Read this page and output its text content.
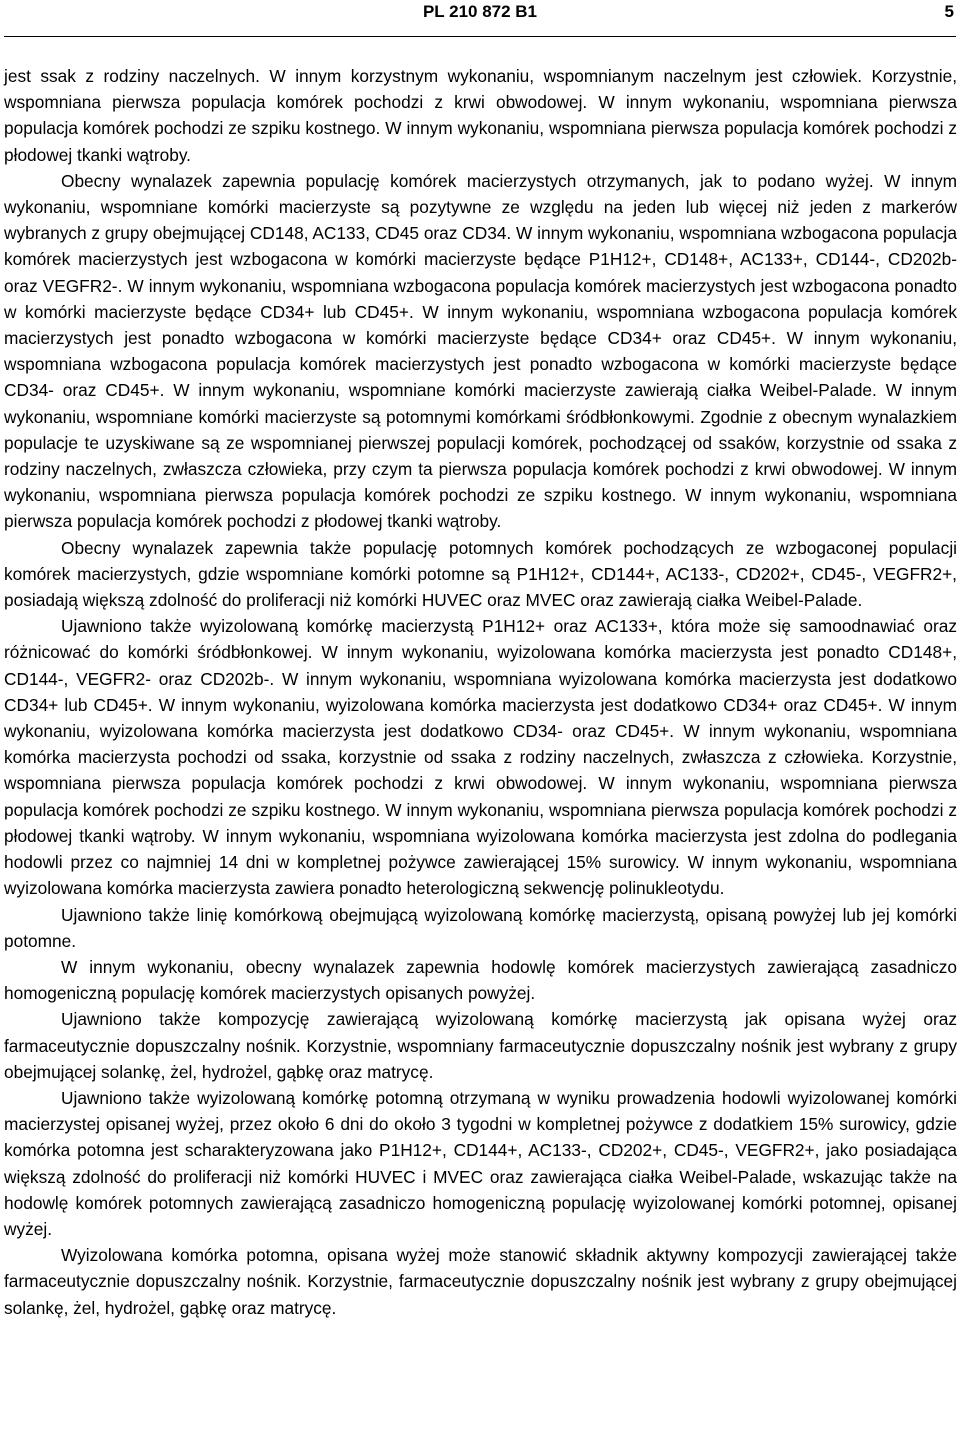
PL 210 872 B1	5

jest ssak z rodziny naczelnych. W innym korzystnym wykonaniu, wspomnianym naczelnym jest człowiek. Korzystnie, wspomniana pierwsza populacja komórek pochodzi z krwi obwodowej. W innym wykonaniu, wspomniana pierwsza populacja komórek pochodzi ze szpiku kostnego. W innym wykonaniu, wspomniana pierwsza populacja komórek pochodzi z płodowej tkanki wątroby.

Obecny wynalazek zapewnia populację komórek macierzystych otrzymanych, jak to podano wyżej. W innym wykonaniu, wspomniane komórki macierzyste są pozytywne ze względu na jeden lub więcej niż jeden z markerów wybranych z grupy obejmującej CD148, AC133, CD45 oraz CD34. W innym wykonaniu, wspomniana wzbogacona populacja komórek macierzystych jest wzbogacona w komórki macierzyste będące P1H12+, CD148+, AC133+, CD144-, CD202b- oraz VEGFR2-. W innym wykonaniu, wspomniana wzbogacona populacja komórek macierzystych jest wzbogacona ponadto w komórki macierzyste będące CD34+ lub CD45+. W innym wykonaniu, wspomniana wzbogacona populacja komórek macierzystych jest ponadto wzbogacona w komórki macierzyste będące CD34+ oraz CD45+. W innym wykonaniu, wspomniana wzbogacona populacja komórek macierzystych jest ponadto wzbogacona w komórki macierzyste będące CD34- oraz CD45+. W innym wykonaniu, wspomniane komórki macierzyste zawierają ciałka Weibel-Palade. W innym wykonaniu, wspomniane komórki macierzyste są potomnymi komórkami śródbłonkowymi. Zgodnie z obecnym wynalazkiem populacje te uzyskiwane są ze wspomnianej pierwszej populacji komórek, pochodzącej od ssaków, korzystnie od ssaka z rodziny naczelnych, zwłaszcza człowieka, przy czym ta pierwsza populacja komórek pochodzi z krwi obwodowej. W innym wykonaniu, wspomniana pierwsza populacja komórek pochodzi ze szpiku kostnego. W innym wykonaniu, wspomniana pierwsza populacja komórek pochodzi z płodowej tkanki wątroby.

Obecny wynalazek zapewnia także populację potomnych komórek pochodzących ze wzbogaconej populacji komórek macierzystych, gdzie wspomniane komórki potomne są P1H12+, CD144+, AC133-, CD202+, CD45-, VEGFR2+, posiadają większą zdolność do proliferacji niż komórki HUVEC oraz MVEC oraz zawierają ciałka Weibel-Palade.

Ujawniono także wyizolowaną komórkę macierzystą P1H12+ oraz AC133+, która może się samoodnawiać oraz różnicować do komórki śródbłonkowej. W innym wykonaniu, wyizolowana komórka macierzysta jest ponadto CD148+, CD144-, VEGFR2- oraz CD202b-. W innym wykonaniu, wspomniana wyizolowana komórka macierzysta jest dodatkowo CD34+ lub CD45+. W innym wykonaniu, wyizolowana komórka macierzysta jest dodatkowo CD34+ oraz CD45+. W innym wykonaniu, wyizolowana komórka macierzysta jest dodatkowo CD34- oraz CD45+. W innym wykonaniu, wspomniana komórka macierzysta pochodzi od ssaka, korzystnie od ssaka z rodziny naczelnych, zwłaszcza z człowieka. Korzystnie, wspomniana pierwsza populacja komórek pochodzi z krwi obwodowej. W innym wykonaniu, wspomniana pierwsza populacja komórek pochodzi ze szpiku kostnego. W innym wykonaniu, wspomniana pierwsza populacja komórek pochodzi z płodowej tkanki wątroby. W innym wykonaniu, wspomniana wyizolowana komórka macierzysta jest zdolna do podlegania hodowli przez co najmniej 14 dni w kompletnej pożywce zawierającej 15% surowicy. W innym wykonaniu, wspomniana wyizolowana komórka macierzysta zawiera ponadto heterologiczną sekwencję polinukleotydu.

Ujawniono także linię komórkową obejmującą wyizolowaną komórkę macierzystą, opisaną powyżej lub jej komórki potomne.

W innym wykonaniu, obecny wynalazek zapewnia hodowlę komórek macierzystych zawierającą zasadniczo homogeniczną populację komórek macierzystych opisanych powyżej.

Ujawniono także kompozycję zawierającą wyizolowaną komórkę macierzystą jak opisana wyżej oraz farmaceutycznie dopuszczalny nośnik. Korzystnie, wspomniany farmaceutycznie dopuszczalny nośnik jest wybrany z grupy obejmującej solankę, żel, hydrożel, gąbkę oraz matrycę.

Ujawniono także wyizolowaną komórkę potomną otrzymaną w wyniku prowadzenia hodowli wyizolowanej komórki macierzystej opisanej wyżej, przez około 6 dni do około 3 tygodni w kompletnej pożywce z dodatkiem 15% surowicy, gdzie komórka potomna jest scharakteryzowana jako P1H12+, CD144+, AC133-, CD202+, CD45-, VEGFR2+, jako posiadająca większą zdolność do proliferacji niż komórki HUVEC i MVEC oraz zawierająca ciałka Weibel-Palade, wskazując także na hodowlę komórek potomnych zawierającą zasadniczo homogeniczną populację wyizolowanej komórki potomnej, opisanej wyżej.

Wyizolowana komórka potomna, opisana wyżej może stanowić składnik aktywny kompozycji zawierającej także farmaceutycznie dopuszczalny nośnik. Korzystnie, farmaceutycznie dopuszczalny nośnik jest wybrany z grupy obejmującej solankę, żel, hydrożel, gąbkę oraz matrycę.
